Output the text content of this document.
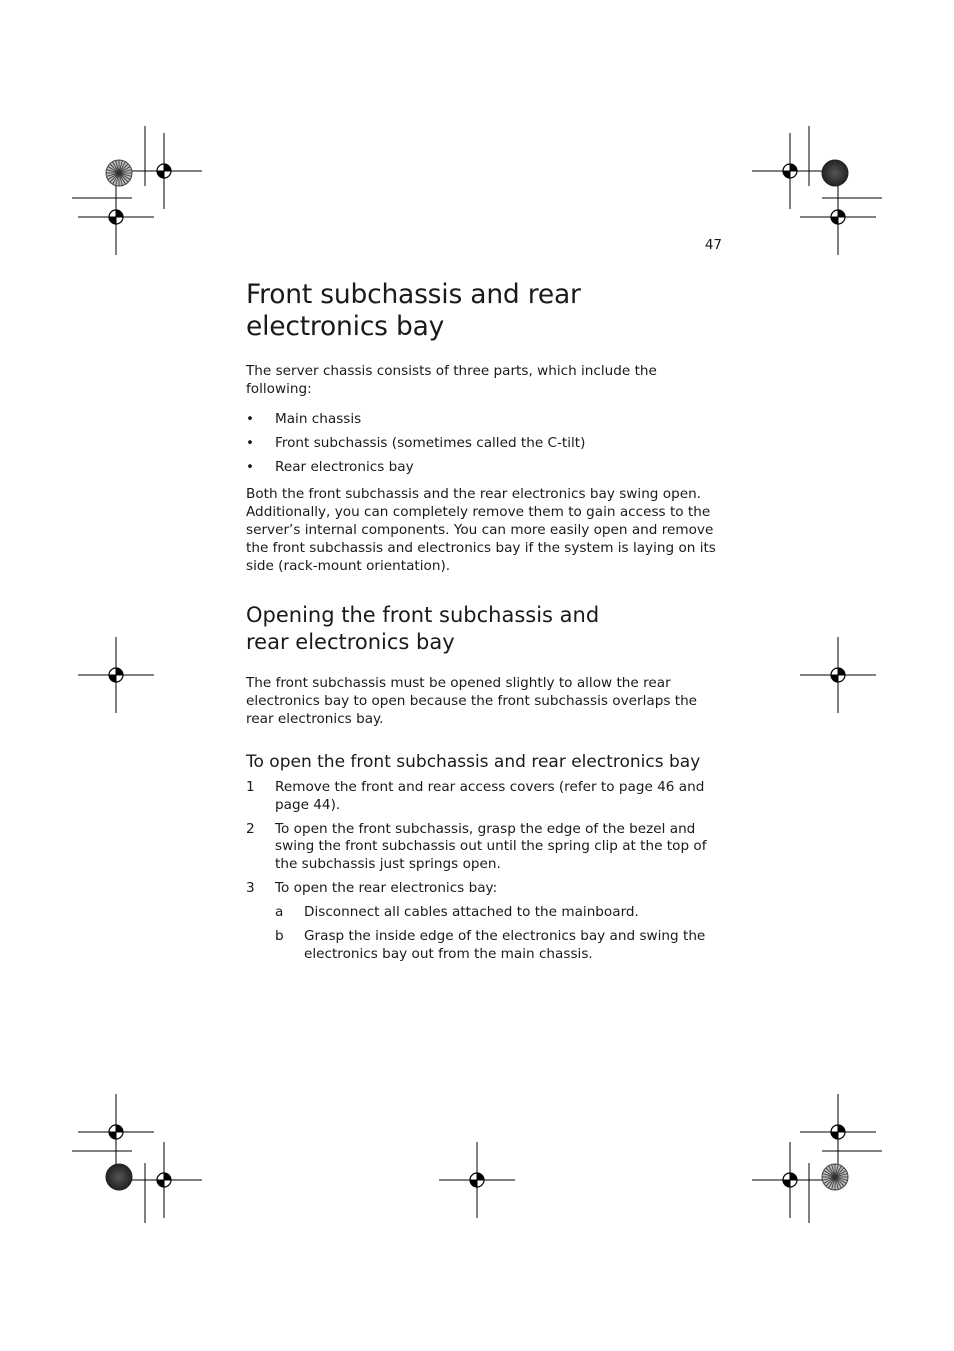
47
Front subchassis and rear electronics bay

The server chassis consists of three parts, which include the following:

• Main chassis
• Front subchassis (sometimes called the C-tilt)
• Rear electronics bay

Both the front subchassis and the rear electronics bay swing open. Additionally, you can completely remove them to gain access to the server’s internal components. You can more easily open and remove the front subchassis and electronics bay if the system is laying on its side (rack-mount orientation).

Opening the front subchassis and rear electronics bay

The front subchassis must be opened slightly to allow the rear electronics bay to open because the front subchassis overlaps the rear electronics bay.

To open the front subchassis and rear electronics bay
1 Remove the front and rear access covers (refer to page 46 and page 44).
2 To open the front subchassis, grasp the edge of the bezel and swing the front subchassis out until the spring clip at the top of the subchassis just springs open.
3 To open the rear electronics bay:
a Disconnect all cables attached to the mainboard.
b Grasp the inside edge of the electronics bay and swing the electronics bay out from the main chassis.
